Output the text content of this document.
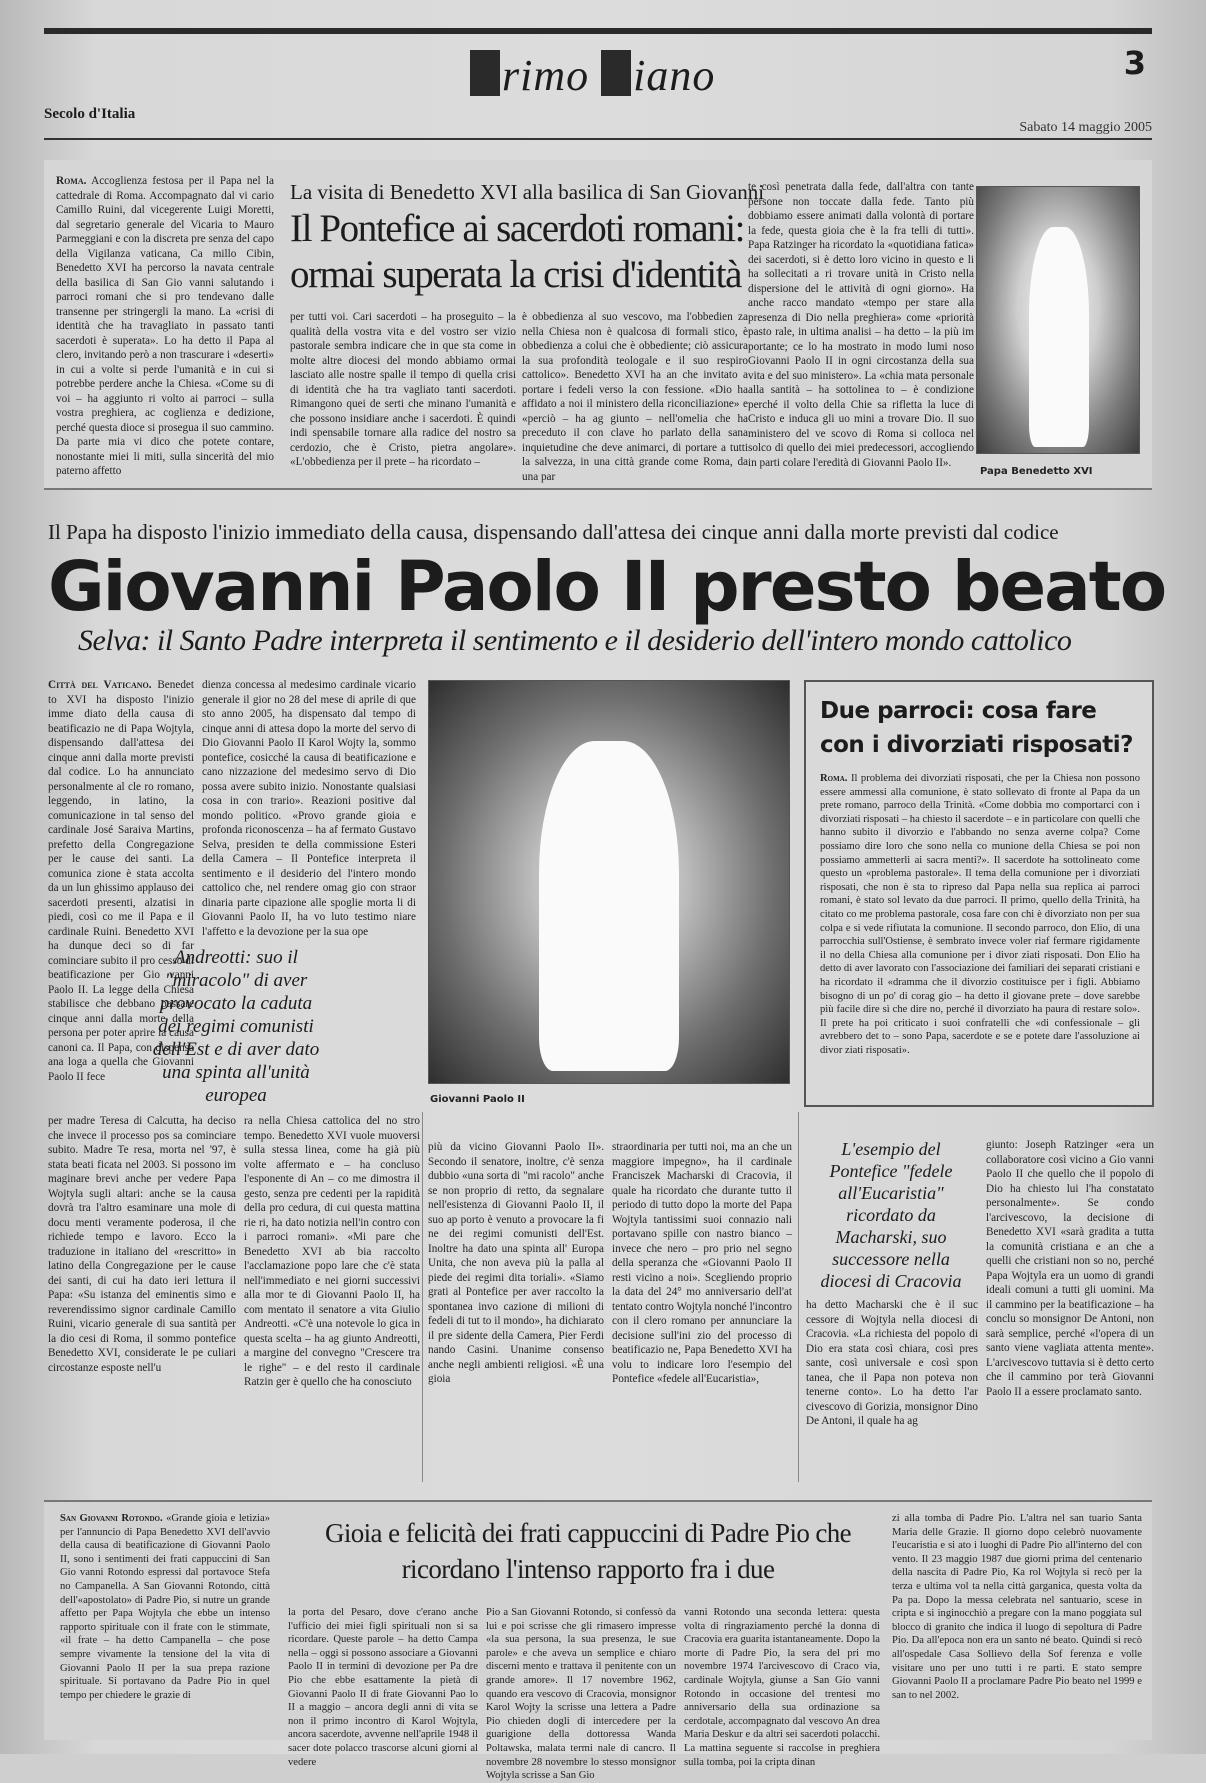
rimo iano	3
Secolo d'Italia
Sabato 14 maggio 2005
Roma. Accoglienza festosa per il Papa nel la cattedrale di Roma. Accompagnato dal vi cario Camillo Ruini, dal vicegerente Luigi Moretti, dal segretario generale del Vicaria to Mauro Parmeggiani e con la discreta pre senza del capo della Vigilanza vaticana, Ca millo Cibin, Benedetto XVI ha percorso la navata centrale della basilica di San Gio vanni salutando i parroci romani che si pro tendevano dalle transenne per stringergli la mano. La «crisi di identità che ha travagliato in passato tanti sacerdoti è superata». Lo ha detto il Papa al clero, invitando però a non trascurare i «deserti» in cui a volte si perde l'umanità e in cui si potrebbe perdere anche la Chiesa. «Come su di voi – ha aggiunto ri volto ai parroci – sulla vostra preghiera, ac coglienza e dedizione, perché questa dioce si prosegua il suo cammino. Da parte mia vi dico che potete contare, nonostante miei li miti, sulla sincerità del mio paterno affetto
La visita di Benedetto XVI alla basilica di San Giovanni
Il Pontefice ai sacerdoti romani: ormai superata la crisi d'identità
per tutti voi. Cari sacerdoti – ha proseguito – la qualità della vostra vita e del vostro ser vizio pastorale sembra indicare che in que sta come in molte altre diocesi del mondo abbiamo ormai lasciato alle nostre spalle il tempo di quella crisi di identità che ha tra vagliato tanti sacerdoti. Rimangono quei de serti che minano l'umanità e che possono insidiare anche i sacerdoti. È quindi indi spensabile tornare alla radice del nostro sa cerdozio, che è Cristo, pietra angolare». «L'obbedienza per il prete – ha ricordato –
è obbedienza al suo vescovo, ma l'obbedien za nella Chiesa non è qualcosa di formali stico, è obbedienza a colui che è obbediente; ciò assicura la sua profondità teologale e il suo respiro cattolico». Benedetto XVI ha an che invitato a portare i fedeli verso la con fessione. «Dio ha affidato a noi il ministero della riconciliazione» e «perciò – ha ag giunto – nell'omelia che ha preceduto il con clave ho parlato della sana inquietudine che deve animarci, di portare a tutti la salvezza, in una città grande come Roma, da una par
te così penetrata dalla fede, dall'altra con tante persone non toccate dalla fede. Tanto più dobbiamo essere animati dalla volontà di portare la fede, questa gioia che è la fra telli di tutti». Papa Ratzinger ha ricordato la «quotidiana fatica» dei sacerdoti, si è detto loro vicino in questo e li ha sollecitati a ri trovare unità in Cristo nella dispersione del le attività di ogni giorno». Ha anche racco mandato «tempo per stare alla presenza di Dio nella preghiera» come «priorità pasto rale, in ultima analisi – ha detto – la più im portante; ce lo ha mostrato in modo lumi noso Giovanni Paolo II in ogni circostanza della sua vita e del suo ministero». La «chia mata personale alla santità – ha sottolinea to – è condizione perché il volto della Chie sa rifletta la luce di Cristo e induca gli uo mini a trovare Dio. Il suo ministero del ve scovo di Roma si colloca nel solco di quello dei miei predecessori, accogliendo in parti colare l'eredità di Giovanni Paolo II».
Papa Benedetto XVI
Il Papa ha disposto l'inizio immediato della causa, dispensando dall'attesa dei cinque anni dalla morte previsti dal codice
Giovanni Paolo II presto beato
Selva: il Santo Padre interpreta il sentimento e il desiderio dell'intero mondo cattolico
Città del Vaticano. Benedet to XVI ha disposto l'inizio imme diato della causa di beatificazio ne di Papa Wojtyla, dispensando dall'attesa dei cinque anni dalla morte previsti dal codice. Lo ha annunciato personalmente al cle ro romano, leggendo, in latino, la comunicazione in tal senso del cardinale José Saraiva Martins, prefetto della Congregazione per le cause dei santi. La comunica zione è stata accolta da un lun ghissimo applauso dei sacerdoti presenti, alzatisi in piedi, così co me il Papa e il cardinale Ruini. Benedetto XVI ha dunque deci so di far cominciare subito il pro cesso di beatificazione per Gio vanni Paolo II. La legge della Chiesa stabilisce che debbano passare cinque anni dalla morte della persona per poter aprire la causa canoni ca. Il Papa, con dispensa ana loga a quella che Giovanni Paolo II fece
dienza concessa al medesimo cardinale vicario generale il gior no 28 del mese di aprile di que sto anno 2005, ha dispensato dal tempo di cinque anni di attesa dopo la morte del servo di Dio Giovanni Paolo II Karol Wojty la, sommo pontefice, cosicché la causa di beatificazione e cano nizzazione del medesimo servo di Dio possa avere subito inizio. Nonostante qualsiasi cosa in con trario». Reazioni positive dal mondo politico. «Provo grande gioia e profonda riconoscenza – ha af fermato Gustavo Selva, presiden te della commissione Esteri della Camera – Il Pontefice interpreta il sentimento e il desiderio del l'intero mondo cattolico che, nel rendere omag gio con straor dinaria parte cipazione alle spoglie morta li di Giovanni Paolo II, ha vo luto testimo niare l'affetto e la devozione per la sua ope
Andreotti: suo il "miracolo" di aver provocato la caduta dei regimi comunisti dell'Est e di aver dato una spinta all'unità europea	Giovanni Paolo II
Due parroci: cosa fare con i divorziati risposati?
Roma. Il problema dei divorziati risposati, che per la Chiesa non possono essere ammessi alla comunione, è stato sollevato di fronte al Papa da un prete romano, parroco della Trinità. «Come dobbia mo comportarci con i divorziati risposati – ha chiesto il sacerdote – e in particolare con quelli che hanno subito il divorzio e l'abbando no senza averne colpa? Come possiamo dire loro che sono nella co munione della Chiesa se poi non possiamo ammetterli ai sacra menti?». Il sacerdote ha sottolineato come questo un «problema pastorale». Il tema della comunione per i divorziati risposati, che non è sta to ripreso dal Papa nella sua replica ai parroci romani, è stato sol levato da due parroci. Il primo, quello della Trinità, ha citato co me problema pastorale, cosa fare con chi è divorziato non per sua colpa e si vede rifiutata la comunione. Il secondo parroco, don Elio, di una parrocchia sull'Ostiense, è sembrato invece voler riaf fermare rigidamente il no della Chiesa alla comunione per i divor ziati risposati. Don Elio ha detto di aver lavorato con l'associazione dei familiari dei separati cristiani e ha ricordato il «dramma che il divorzio costituisce per i figli. Abbiamo bisogno di un po' di corag gio – ha detto il giovane prete – dove sarebbe più facile dire sì che dire no, perché il divorziato ha paura di restare solo». Il prete ha poi criticato i suoi confratelli che «di confessionale – gli avrebbero det to – sono Papa, sacerdote e se e potete dare l'assoluzione ai divor ziati risposati».
per madre Teresa di Calcutta, ha deciso che invece il processo pos sa cominciare subito. Madre Te resa, morta nel '97, è stata beati ficata nel 2003. Si possono im maginare brevi anche per vedere Papa Wojtyla sugli altari: anche se la causa dovrà tra l'altro esaminare una mole di docu menti veramente poderosa, il che richiede tempo e lavoro. Ecco la traduzione in italiano del «rescritto» in latino della Congregazione per le cause dei santi, di cui ha dato ieri lettura il Papa: «Su istanza del eminentis simo e reverendissimo signor cardinale Camillo Ruini, vicario generale di sua santità per la dio cesi di Roma, il sommo pontefice Benedetto XVI, considerate le pe culiari circostanze esposte nell'u
ra nella Chiesa cattolica del no stro tempo. Benedetto XVI vuole muoversi sulla stessa linea, come ha già più volte affermato e – ha concluso l'esponente di An – co me dimostra il gesto, senza pre cedenti per la rapidità della pro cedura, di cui questa mattina rie ri, ha dato notizia nell'in contro con i parroci romani». «Mi pare che Benedetto XVI ab bia raccolto l'acclamazione popo lare che c'è stata nell'immediato e nei giorni successivi alla mor te di Giovanni Paolo II, ha com mentato il senatore a vita Giulio Andreotti. «C'è una notevole lo gica in questa scelta – ha ag giunto Andreotti, a margine del convegno "Crescere tra le righe" – e del resto il cardinale Ratzin ger è quello che ha conosciuto
più da vicino Giovanni Paolo II». Secondo il senatore, inoltre, c'è senza dubbio «una sorta di "mi racolo" anche se non proprio di retto, da segnalare nell'esistenza di Giovanni Paolo II, il suo ap porto è venuto a provocare la fi ne dei regimi comunisti dell'Est. Inoltre ha dato una spinta all' Europa Unita, che non aveva più la palla al piede dei regimi dita toriali». «Siamo grati al Pontefice per aver raccolto la spontanea invo cazione di milioni di fedeli di tut to il mondo», ha dichiarato il pre sidente della Camera, Pier Ferdi nando Casini. Unanime consenso anche negli ambienti religiosi. «È una gioia
straordinaria per tutti noi, ma an che un maggiore impegno», ha il cardinale Franciszek Macharski di Cracovia, il quale ha ricordato che durante tutto il periodo di tutto dopo la morte del Papa Wojtyla tantissimi suoi connazio nali portavano spille con nastro bianco – invece che nero – pro prio nel segno della speranza che «Giovanni Paolo II resti vicino a noi». Scegliendo proprio la data del 24° mo anniversario dell'at tentato contro Wojtyla nonché l'incontro con il clero romano per annunciare la decisione sull'ini zio del processo di beatificazio ne, Papa Benedetto XVI ha volu to indicare loro l'esempio del Pontefice «fedele all'Eucaristia»,
L'esempio del Pontefice "fedele all'Eucaristia" ricordato da Macharski, suo successore nella diocesi di Cracovia
ha detto Macharski che è il suc cessore di Wojtyla nella diocesi di Cracovia. «La richiesta del popolo di Dio era stata così chiara, così pres sante, così universale e così spon tanea, che il Papa non poteva non tenerne conto». Lo ha detto l'ar civescovo di Gorizia, monsignor Dino De Antoni, il quale ha ag
giunto: Joseph Ratzinger «era un collaboratore così vicino a Gio vanni Paolo II che quello che il popolo di Dio ha chiesto lui l'ha constatato personalmente». Se condo l'arcivescovo, la decisione di Benedetto XVI «sarà gradita a tutta la comunità cristiana e an che a quelli che cristiani non so no, perché Papa Wojtyla era un uomo di grandi ideali comuni a tutti gli uomini. Ma il cammino per la beatificazione – ha conclu so monsignor De Antoni, non sarà semplice, perché «l'opera di un santo viene vagliata attenta mente». L'arcivescovo tuttavia si è detto certo che il cammino por terà Giovanni Paolo II a essere proclamato santo.
San Giovanni Rotondo. «Grande gioia e letizia» per l'annuncio di Papa Benedetto XVI dell'avvio della causa di beatificazione di Giovanni Paolo II, sono i sentimenti dei frati cappuccini di San Gio vanni Rotondo espressi dal portavoce Stefa no Campanella. A San Giovanni Rotondo, città dell'«apostolato» di Padre Pio, si nutre un grande affetto per Papa Wojtyla che ebbe un intenso rapporto spirituale con il frate con le stimmate, «il frate – ha detto Campanella – che pose sempre vivamente la tensione del la vita di Giovanni Paolo II per la sua prepa razione spirituale. Si portavano da Padre Pio in quel tempo per chiedere le grazie di
Gioia e felicità dei frati cappuccini di Padre Pio che ricordano l'intenso rapporto fra i due
la porta del Pesaro, dove c'erano anche l'ufficio dei miei figli spirituali non si sa ricordare. Queste parole – ha detto Campa nella – oggi si possono associare a Giovanni Paolo II in termini di devozione per Pa dre Pio che ebbe esattamente la pietà di Giovanni Paolo II di frate Giovanni Pao lo II a maggio – ancora degli anni di vita se non il primo incontro di Karol Wojtyla, ancora sacerdote, avvenne nell'aprile 1948 il sacer dote polacco trascorse alcuni giorni al vedere
Pio a San Giovanni Rotondo, si confessò da lui e poi scrisse che gli rimasero impresse «la sua persona, la sua presenza, le sue parole» e che aveva un semplice e chiaro discerni mento e trattava il penitente con un grande amore». Il 17 novembre 1962, quando era vescovo di Cracovia, monsignor Karol Wojty la scrisse una lettera a Padre Pio chieden dogli di intercedere per la guarigione della dottoressa Wanda Poltawska, malata termi nale di cancro. Il novembre 28 novembre lo stesso monsignor Wojtyla scrisse a San Gio
vanni Rotondo una seconda lettera: questa volta di ringraziamento perché la donna di Cracovia era guarita istantaneamente. Dopo la morte di Padre Pio, la sera del pri mo novembre 1974 l'arcivescovo di Craco via, cardinale Wojtyla, giunse a San Gio vanni Rotondo in occasione del trentesi mo anniversario della sua ordinazione sa cerdotale, accompagnato dal vescovo An drea Maria Deskur e da altri sei sacerdoti polacchi. La mattina seguente si raccolse in preghiera sulla tomba, poi la cripta dinan
zi alla tomba di Padre Pio. L'altra nel san tuario Santa Maria delle Grazie. Il giorno dopo celebrò nuovamente l'eucaristia e si ato i luoghi di Padre Pio all'interno del con vento. Il 23 maggio 1987 due giorni prima del centenario della nascita di Padre Pio, Ka rol Wojtyla si recò per la terza e ultima vol ta nella città garganica, questa volta da Pa pa. Dopo la messa celebrata nel santuario, scese in cripta e si inginocchiò a pregare con la mano poggiata sul blocco di granito che indica il luogo di sepoltura di Padre Pio. Da all'epoca non era un santo né beato. Quindi si recò all'ospedale Casa Sollievo della Sof ferenza e volle visitare uno per uno tutti i re parti. E stato sempre Giovanni Paolo II a proclamare Padre Pio beato nel 1999 e san to nel 2002.
